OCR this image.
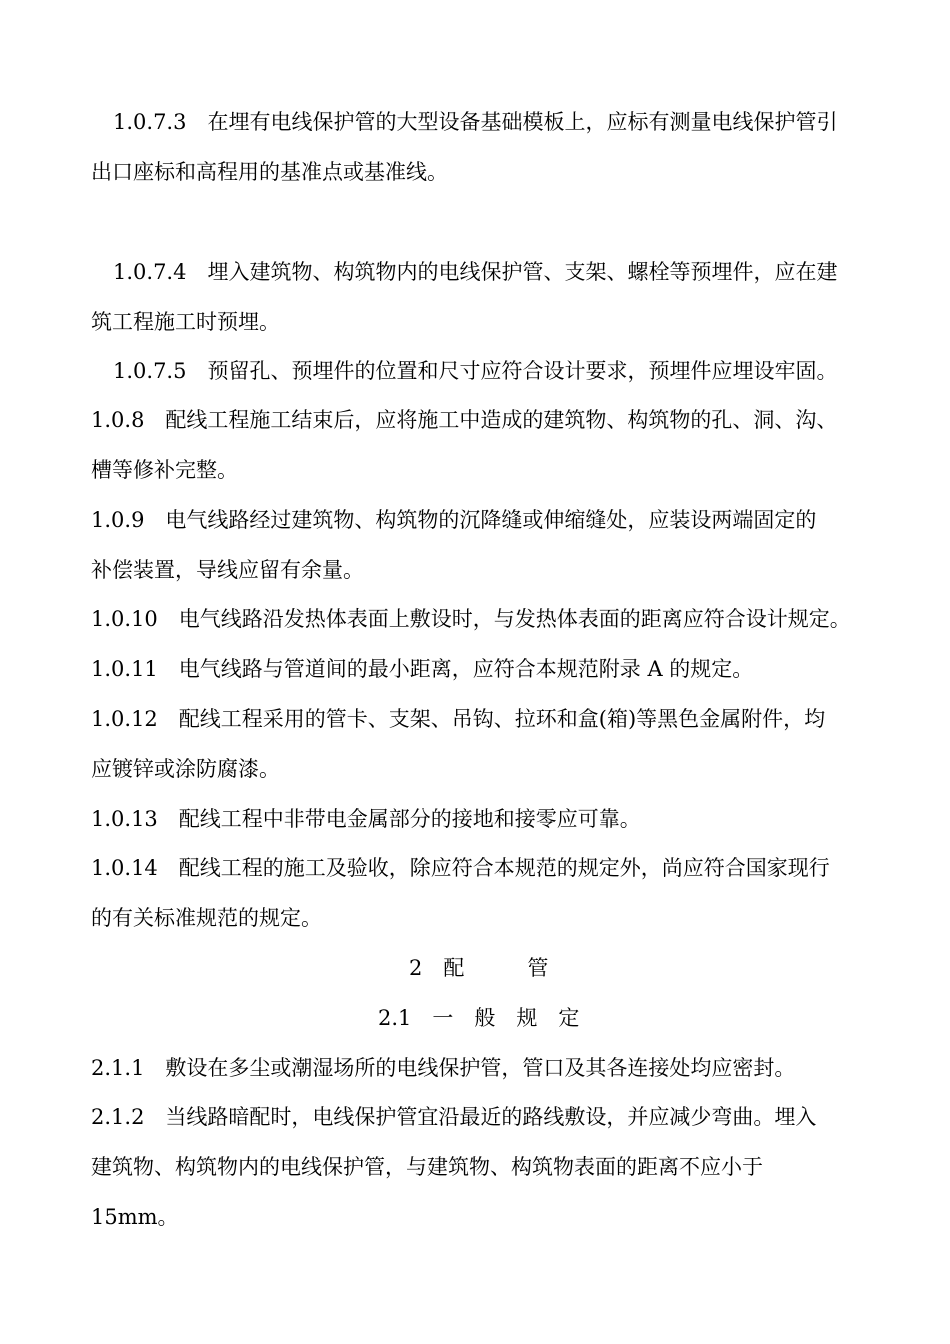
1.0.7.3　在埋有电线保护管的大型设备基础模板上，应标有测量电线保护管引
出口座标和高程用的基准点或基准线。
1.0.7.4　埋入建筑物、构筑物内的电线保护管、支架、螺栓等预埋件，应在建
筑工程施工时预埋。
1.0.7.5　预留孔、预埋件的位置和尺寸应符合设计要求，预埋件应埋设牢固。
1.0.8　配线工程施工结束后，应将施工中造成的建筑物、构筑物的孔、洞、沟、
槽等修补完整。
1.0.9　电气线路经过建筑物、构筑物的沉降缝或伸缩缝处，应装设两端固定的
补偿装置，导线应留有余量。
1.0.10　电气线路沿发热体表面上敷设时，与发热体表面的距离应符合设计规定。
1.0.11　电气线路与管道间的最小距离，应符合本规范附录 A 的规定。
1.0.12　配线工程采用的管卡、支架、吊钩、拉环和盒(箱)等黑色金属附件，均
应镀锌或涂防腐漆。
1.0.13　配线工程中非带电金属部分的接地和接零应可靠。
1.0.14　配线工程的施工及验收，除应符合本规范的规定外，尚应符合国家现行
的有关标准规范的规定。
2　配　　　管
2.1　一　般　规　定
2.1.1　敷设在多尘或潮湿场所的电线保护管，管口及其各连接处均应密封。
2.1.2　当线路暗配时，电线保护管宜沿最近的路线敷设，并应减少弯曲。埋入
建筑物、构筑物内的电线保护管，与建筑物、构筑物表面的距离不应小于
15mm。
